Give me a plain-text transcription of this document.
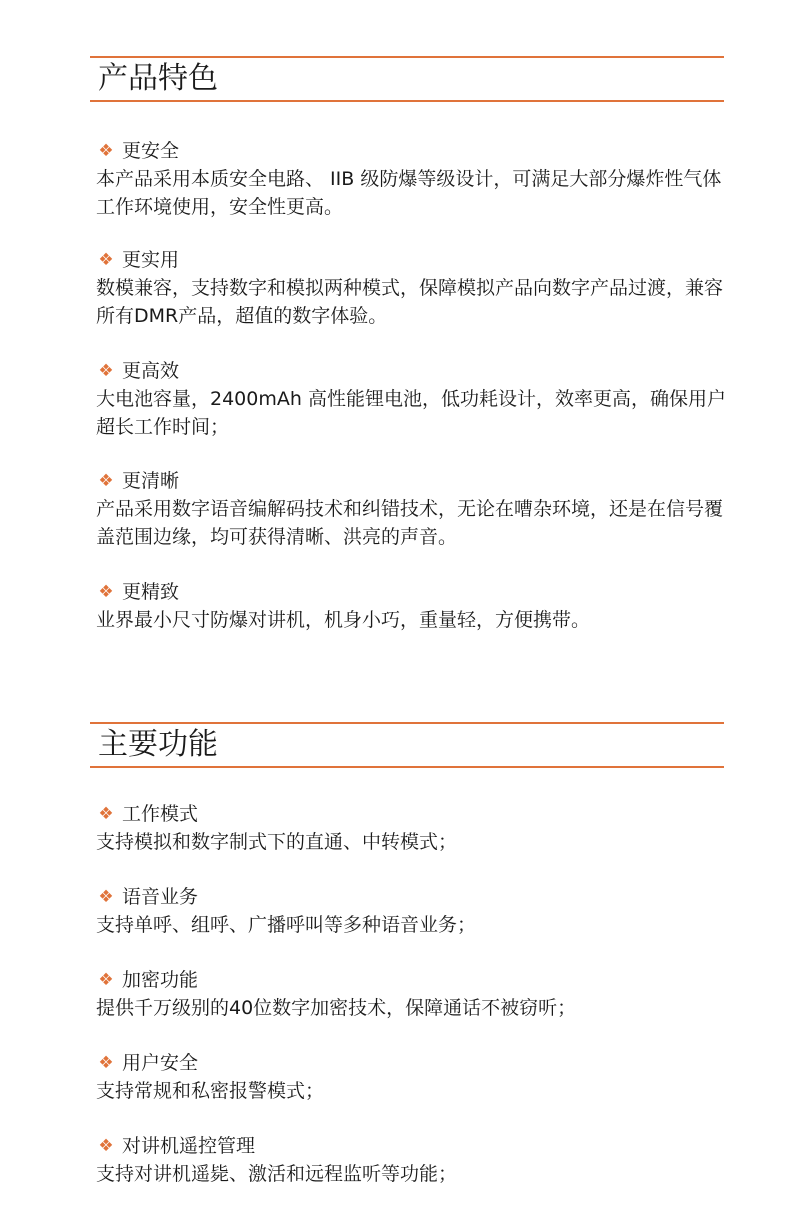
产品特色
❖ 更安全
本产品采用本质安全电路、 IIB 级防爆等级设计，可满足大部分爆炸性气体工作环境使用，安全性更高。
❖ 更实用
数模兼容，支持数字和模拟两种模式，保障模拟产品向数字产品过渡，兼容所有DMR产品，超值的数字体验。
❖ 更高效
大电池容量，2400mAh 高性能锂电池，低功耗设计，效率更高，确保用户超长工作时间；
❖ 更清晰
产品采用数字语音编解码技术和纠错技术，无论在嘈杂环境，还是在信号覆盖范围边缘，均可获得清晰、洪亮的声音。
❖ 更精致
业界最小尺寸防爆对讲机，机身小巧，重量轻，方便携带。
主要功能
❖ 工作模式
支持模拟和数字制式下的直通、中转模式；
❖ 语音业务
支持单呼、组呼、广播呼叫等多种语音业务；
❖ 加密功能
提供千万级别的40位数字加密技术，保障通话不被窃听；
❖ 用户安全
支持常规和私密报警模式；
❖ 对讲机遥控管理
支持对讲机遥毙、激活和远程监听等功能；
